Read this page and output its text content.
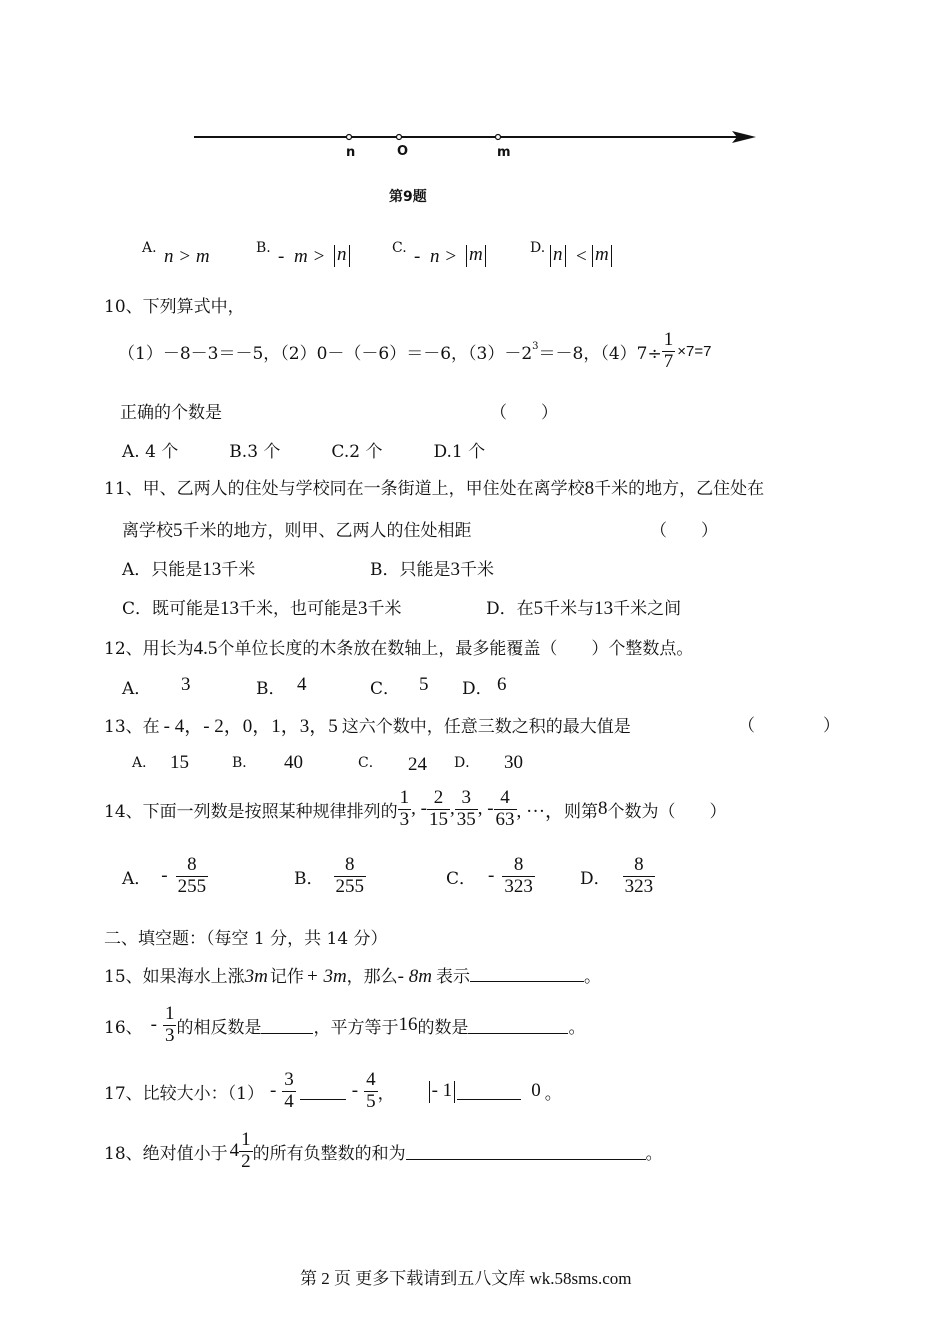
n	O	m
第9题
A. n > m	B. - m > n	C. - n > m	D. n < m
10、下列算式中，
（1）－8－3＝－5，（2）0－（－6）＝－6，$(3)-2^3 =-8$，$(4)7\div \frac{1}{7} \times 7=7$
正确的个数是	（　　）
A. 4 个　　　B.3 个　　　C.2 个　　　D.1 个
11、甲、乙两人的住处与学校同在一条街道上，甲住处在离学校8千米的地方，乙住处在
离学校5千米的地方，则甲、乙两人的住处相距	（　　）
A．只能是13千米	B．只能是3千米
C．既可能是13千米，也可能是3千米	D．在5千米与13千米之间
12、用长为4.5个单位长度的木条放在数轴上，最多能覆盖（　　）个整数点。
A． 3	B． 4	C． 5 D． 6
13、在 - 4，- 2，0，1，3，5 这六个数中，任意三数之积的最大值是	（　　　　）
A． 15	B． 40	C． 24 D． 30
14、下面一列数是按照某种规律排列的 $\frac{1}{3}$ , - $\frac{2}{15}$ , $\frac{3}{35}$ , - $\frac{4}{63}$ , ···， 则第 8 个数为（　　）
A． - $\frac{8}{255}$	B． $\frac{8}{255}$	C． - $\frac{8}{323}$	D． $\frac{8}{323}$
二、填空题：（每空 1 分，共 14 分）
15、如果海水上涨 3m 记作 + 3m ，那么 - 8m 表示	。
16、 - $\frac{1}{3}$ 的相反数是	，平方等于 16 的数是	。
17、比较大小：$(1) - \frac{3}{4}$	- $\frac{4}{5}$ ， - 1	0 。
18、绝对值小于 $4 \frac{1}{2}$ 的所有负整数的和为	。
第 2 页 更多下载请到五八文库 wk.58sms.com
